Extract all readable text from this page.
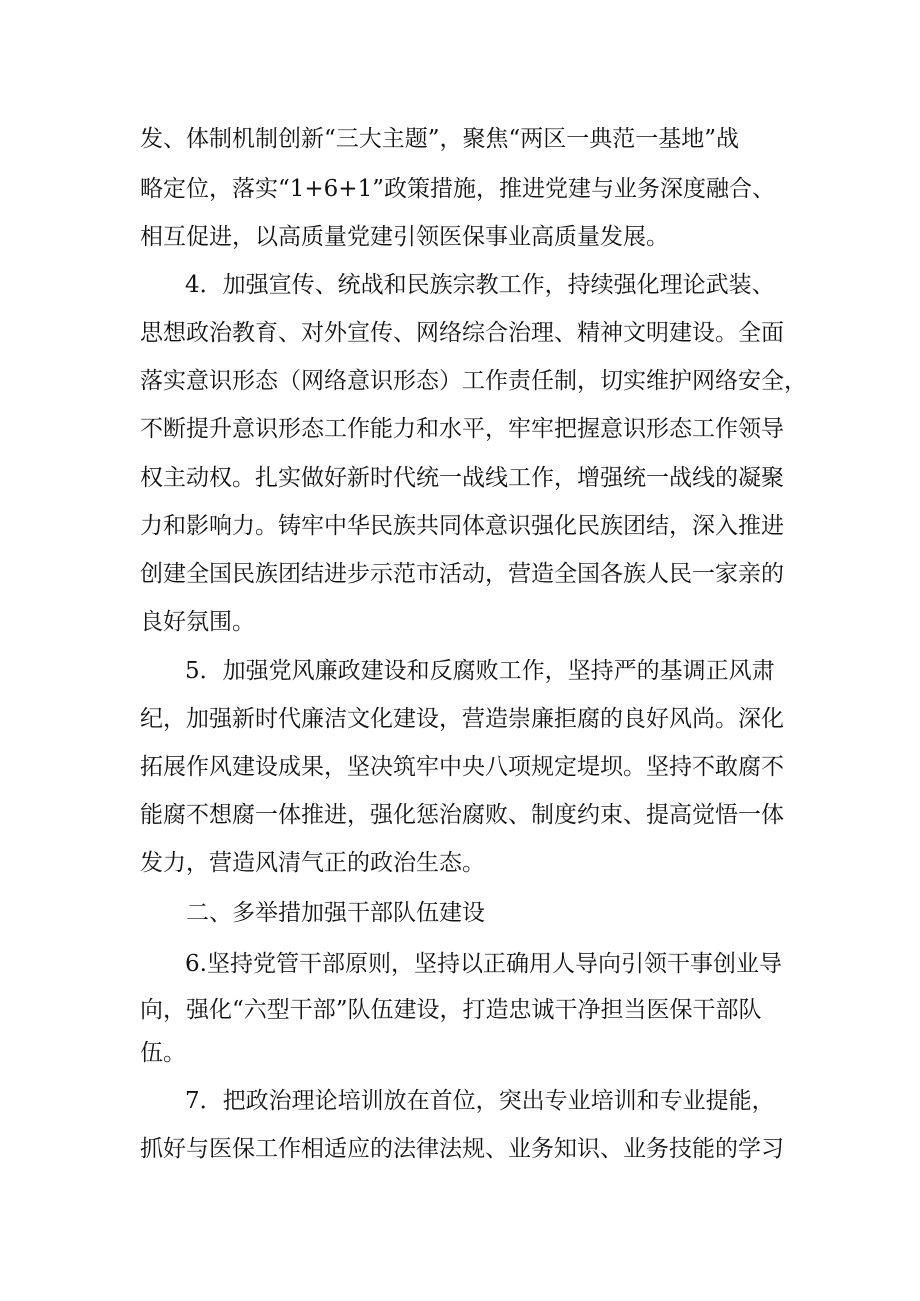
发、体制机制创新“三大主题”，聚焦“两区一典范一基地”战
略定位，落实“1+6+1”政策措施，推进党建与业务深度融合、
相互促进，以高质量党建引领医保事业高质量发展。
4．加强宣传、统战和民族宗教工作，持续强化理论武装、
思想政治教育、对外宣传、网络综合治理、精神文明建设。全面
落实意识形态（网络意识形态）工作责任制，切实维护网络安全，
不断提升意识形态工作能力和水平，牢牢把握意识形态工作领导
权主动权。扎实做好新时代统一战线工作，增强统一战线的凝聚
力和影响力。铸牢中华民族共同体意识强化民族团结，深入推进
创建全国民族团结进步示范市活动，营造全国各族人民一家亲的
良好氛围。
5．加强党风廉政建设和反腐败工作，坚持严的基调正风肃
纪，加强新时代廉洁文化建设，营造崇廉拒腐的良好风尚。深化
拓展作风建设成果，坚决筑牢中央八项规定堤坝。坚持不敢腐不
能腐不想腐一体推进，强化惩治腐败、制度约束、提高觉悟一体
发力，营造风清气正的政治生态。
二、多举措加强干部队伍建设
6.坚持党管干部原则，坚持以正确用人导向引领干事创业导
向，强化“六型干部”队伍建设，打造忠诚干净担当医保干部队
伍。
7．把政治理论培训放在首位，突出专业培训和专业提能，
抓好与医保工作相适应的法律法规、业务知识、业务技能的学习
